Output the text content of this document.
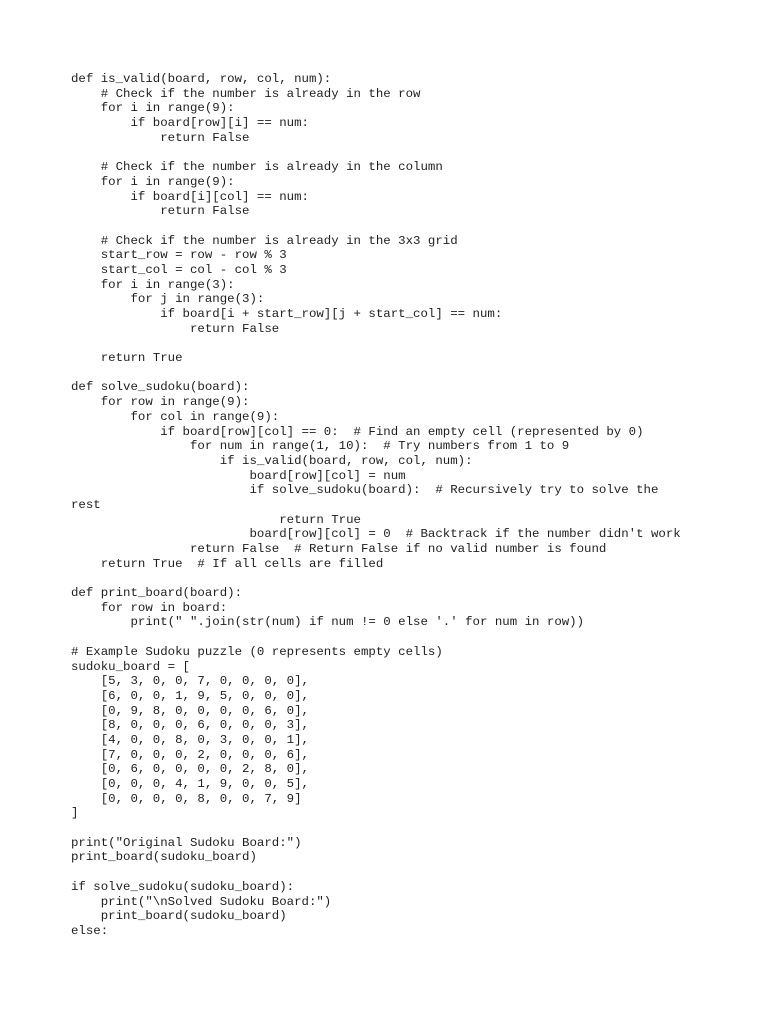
def is_valid(board, row, col, num):
# Check if the number is already in the row
for i in range(9):
if board[row][i] == num:
return False
# Check if the number is already in the column
for i in range(9):
if board[i][col] == num:
return False
# Check if the number is already in the 3x3 grid
start_row = row - row % 3
start_col = col - col % 3
for i in range(3):
for j in range(3):
if board[i + start_row][j + start_col] == num:
return False
return True
def solve_sudoku(board):
for row in range(9):
for col in range(9):
if board[row][col] == 0:  # Find an empty cell (represented by 0)
for num in range(1, 10):  # Try numbers from 1 to 9
if is_valid(board, row, col, num):
board[row][col] = num
if solve_sudoku(board):  # Recursively try to solve the
rest
return True
board[row][col] = 0  # Backtrack if the number didn't work
return False  # Return False if no valid number is found
return True  # If all cells are filled
def print_board(board):
for row in board:
print(" ".join(str(num) if num != 0 else '.' for num in row))
# Example Sudoku puzzle (0 represents empty cells)
sudoku_board = [
[5, 3, 0, 0, 7, 0, 0, 0, 0],
[6, 0, 0, 1, 9, 5, 0, 0, 0],
[0, 9, 8, 0, 0, 0, 0, 6, 0],
[8, 0, 0, 0, 6, 0, 0, 0, 3],
[4, 0, 0, 8, 0, 3, 0, 0, 1],
[7, 0, 0, 0, 2, 0, 0, 0, 6],
[0, 6, 0, 0, 0, 0, 2, 8, 0],
[0, 0, 0, 4, 1, 9, 0, 0, 5],
[0, 0, 0, 0, 8, 0, 0, 7, 9]
]
print("Original Sudoku Board:")
print_board(sudoku_board)
if solve_sudoku(sudoku_board):
print("\nSolved Sudoku Board:")
print_board(sudoku_board)
else:
